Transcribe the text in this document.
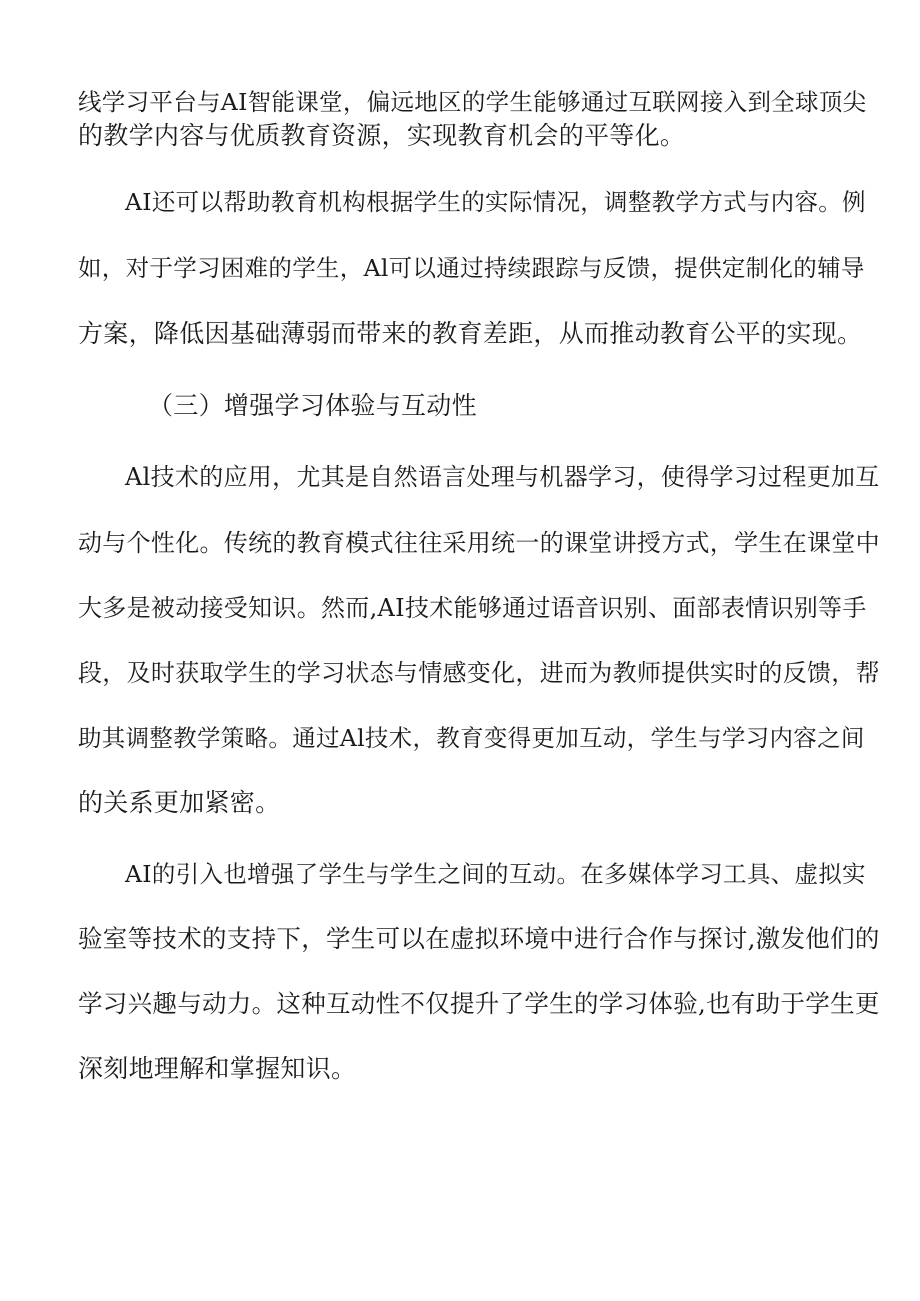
线学习平台与AI智能课堂，偏远地区的学生能够通过互联网接入到全球顶尖
的教学内容与优质教育资源，实现教育机会的平等化。
AI还可以帮助教育机构根据学生的实际情况，调整教学方式与内容。例
如，对于学习困难的学生，Al可以通过持续跟踪与反馈，提供定制化的辅导
方案，降低因基础薄弱而带来的教育差距，从而推动教育公平的实现。
（三）增强学习体验与互动性
Al技术的应用，尤其是自然语言处理与机器学习，使得学习过程更加互
动与个性化。传统的教育模式往往采用统一的课堂讲授方式，学生在课堂中
大多是被动接受知识。然而,AI技术能够通过语音识别、面部表情识别等手
段，及时获取学生的学习状态与情感变化，进而为教师提供实时的反馈，帮
助其调整教学策略。通过Al技术，教育变得更加互动，学生与学习内容之间
的关系更加紧密。
AI的引入也增强了学生与学生之间的互动。在多媒体学习工具、虚拟实
验室等技术的支持下，学生可以在虚拟环境中进行合作与探讨,激发他们的
学习兴趣与动力。这种互动性不仅提升了学生的学习体验,也有助于学生更
深刻地理解和掌握知识。
